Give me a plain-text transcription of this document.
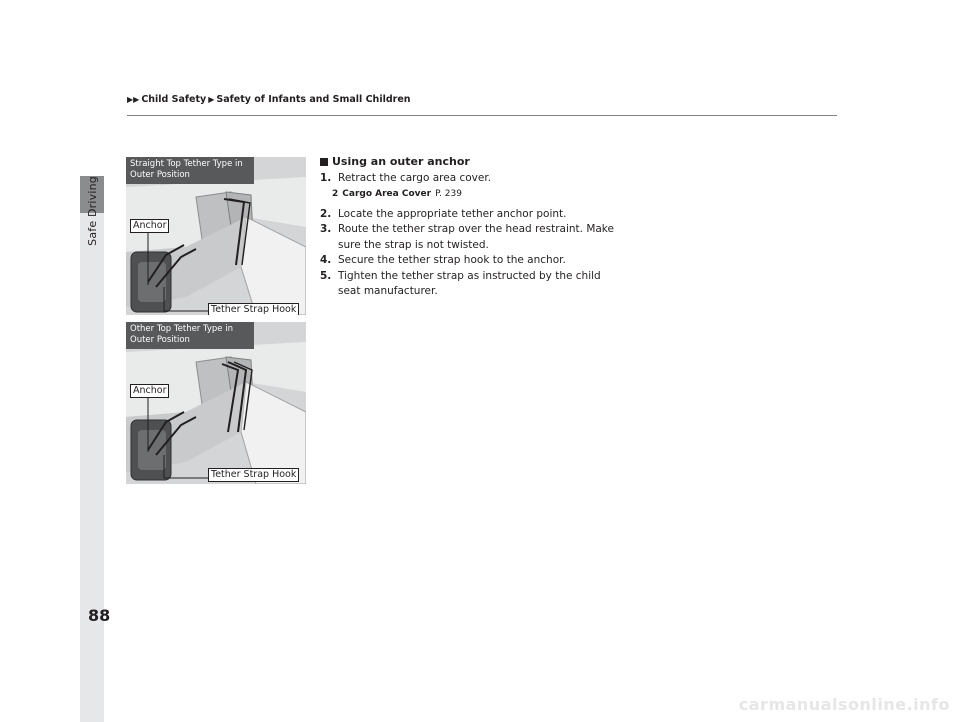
Safe Driving
▶▶ Child Safety ▶ Safety of Infants and Small Children
Straight Top Tether Type in
Outer Position
Anchor
Tether Strap Hook
Other Top Tether Type in
Outer Position
Anchor
Tether Strap Hook
Using an outer anchor
1. Retract the cargo area cover.
2 Cargo Area Cover P. 239
2. Locate the appropriate tether anchor point.
3. Route the tether strap over the head restraint. Make sure the strap is not twisted.
4. Secure the tether strap hook to the anchor.
5. Tighten the tether strap as instructed by the child seat manufacturer.
88
carmanualsonline.info
